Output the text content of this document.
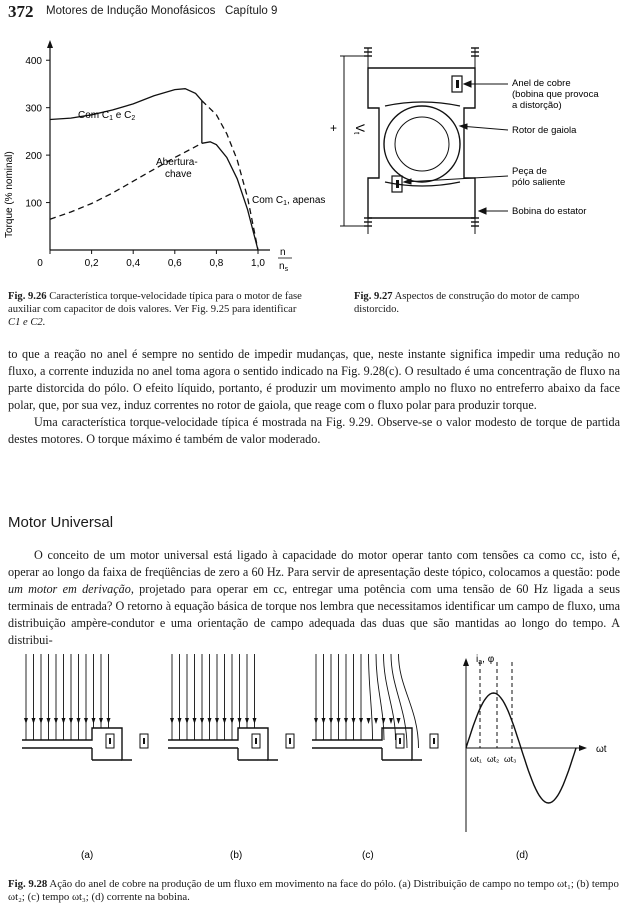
372 Motores de Indução Monofásicos   Capítulo 9
400
300
200
100
0	0,2	0,4	0,6	0,8	1,0
Torque (% nominal)
n
$n_s$
Com $C_1$ e $C_2$
Abertura-
chave
Com $C_1$, apenas
+ Vt
Anel de cobre
(bobina que provoca
a distorção)
Rotor de gaiola
Peça de
pólo saliente
Bobina do estator
Fig. 9.26 Característica torque-velocidade típica para o motor de fase auxiliar com capacitor de dois valores. Ver Fig. 9.25 para identificar C1 e C2.
Fig. 9.27 Aspectos de construção do motor de campo distorcido.

to que a reação no anel é sempre no sentido de impedir mudanças, que, neste instante significa impedir uma redução no fluxo, a corrente induzida no anel toma agora o sentido indicado na Fig. 9.28(c). O resultado é uma concentração de fluxo na parte distorcida do pólo. O efeito líquido, portanto, é produzir um movimento amplo no fluxo no entreferro abaixo da face polar, que, por sua vez, induz correntes no rotor de gaiola, que reage com o fluxo polar para produzir torque.

Uma característica torque-velocidade típica é mostrada na Fig. 9.29. Observe-se o valor modesto de torque de partida destes motores. O torque máximo é também de valor moderado.

Motor Universal

O conceito de um motor universal está ligado à capacidade do motor operar tanto com tensões ca como cc, isto é, operar ao longo da faixa de freqüências de zero a 60 Hz. Para servir de apresentação deste tópico, colocamos a questão: pode um motor em derivação, projetado para operar em cc, entregar uma potência com uma tensão de 60 Hz ligada a seus terminais de entrada? O retorno à equação básica de torque nos lembra que necessitamos identificar um campo de fluxo, uma distribuição ampère-condutor e uma orientação de campo adequada das duas que são mantidas ao longo do tempo. A distribui-

$i_a$, φ
ωt
ωt₁ ωt₂ ωt₃
(a)	(b)	(c)	(d)
Fig. 9.28 Ação do anel de cobre na produção de um fluxo em movimento na face do pólo. (a) Distribuição de campo no tempo ωt₁; (b) tempo ωt₂; (c) tempo ωt₃; (d) corrente na bobina.
